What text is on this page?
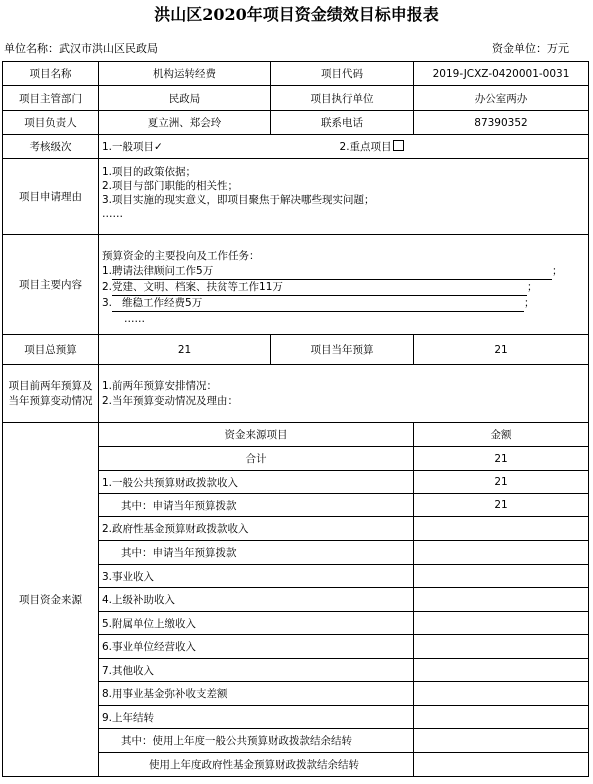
洪山区2020年项目资金绩效目标申报表
单位名称：武汉市洪山区民政局	资金单位：万元
项目名称	机构运转经费	项目代码	2019-JCXZ-0420001-0031
项目主管部门	民政局	项目执行单位	办公室两办
项目负责人	夏立洲、郑会玲	联系电话	87390352
考核级次	1.一般项目✓ 2.重点项目		
项目申请理由	1.项目的政策依据；
2.项目与部门职能的相关性；
3.项目实施的现实意义，即项目聚焦于解决哪些现实问题；
……		

项目主要内容	预算资金的主要投向及工作任务：
1.聘请法律顾问工作5万 ；
2.党建、文明、档案、扶贫等工作11万 ；
3. 维稳工作经费5万 ；
……		

项目总预算	21	项目当年预算	21
项目前两年预算及当年预算变动情况	1.前两年预算安排情况：
2.当年预算变动情况及理由：		

项目资金来源	资金来源项目		金额
	合计		21
	1.一般公共预算财政拨款收入		21
	其中：申请当年预算拨款		21
	2.政府性基金预算财政拨款收入		
	其中：申请当年预算拨款		
	3.事业收入		
	4.上级补助收入		
	5.附属单位上缴收入		
	6.事业单位经营收入		
	7.其他收入		
	8.用事业基金弥补收支差额		
	9.上年结转		
	其中：使用上年度一般公共预算财政拨款结余结转		
	使用上年度政府性基金预算财政拨款结余结转		
